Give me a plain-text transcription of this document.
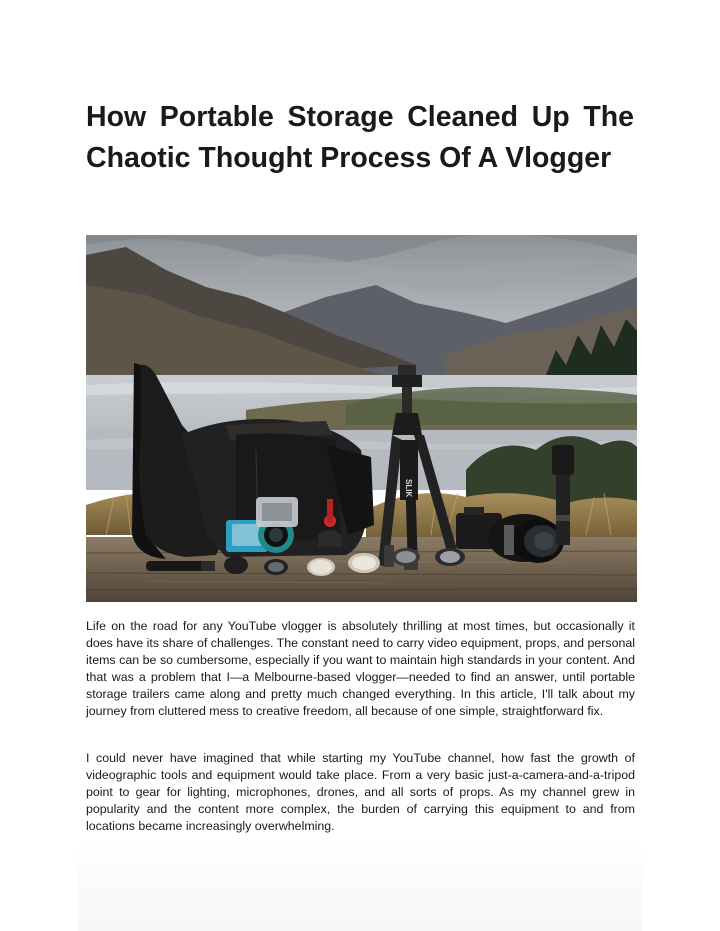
How Portable Storage Cleaned Up The Chaotic Thought Process Of A Vlogger
SLIK

Life on the road for any YouTube vlogger is absolutely thrilling at most times, but occasionally it does have its share of challenges. The constant need to carry video equipment, props, and personal items can be so cumbersome, especially if you want to maintain high standards in your content. And that was a problem that I—a Melbourne-based vlogger—needed to find an answer, until portable storage trailers came along and pretty much changed everything. In this article, I'll talk about my journey from cluttered mess to creative freedom, all because of one simple, straightforward fix.

I could never have imagined that while starting my YouTube channel, how fast the growth of videographic tools and equipment would take place. From a very basic just-a-camera-and-a-tripod point to gear for lighting, microphones, drones, and all sorts of props. As my channel grew in popularity and the content more complex, the burden of carrying this equipment to and from locations became increasingly overwhelming.
